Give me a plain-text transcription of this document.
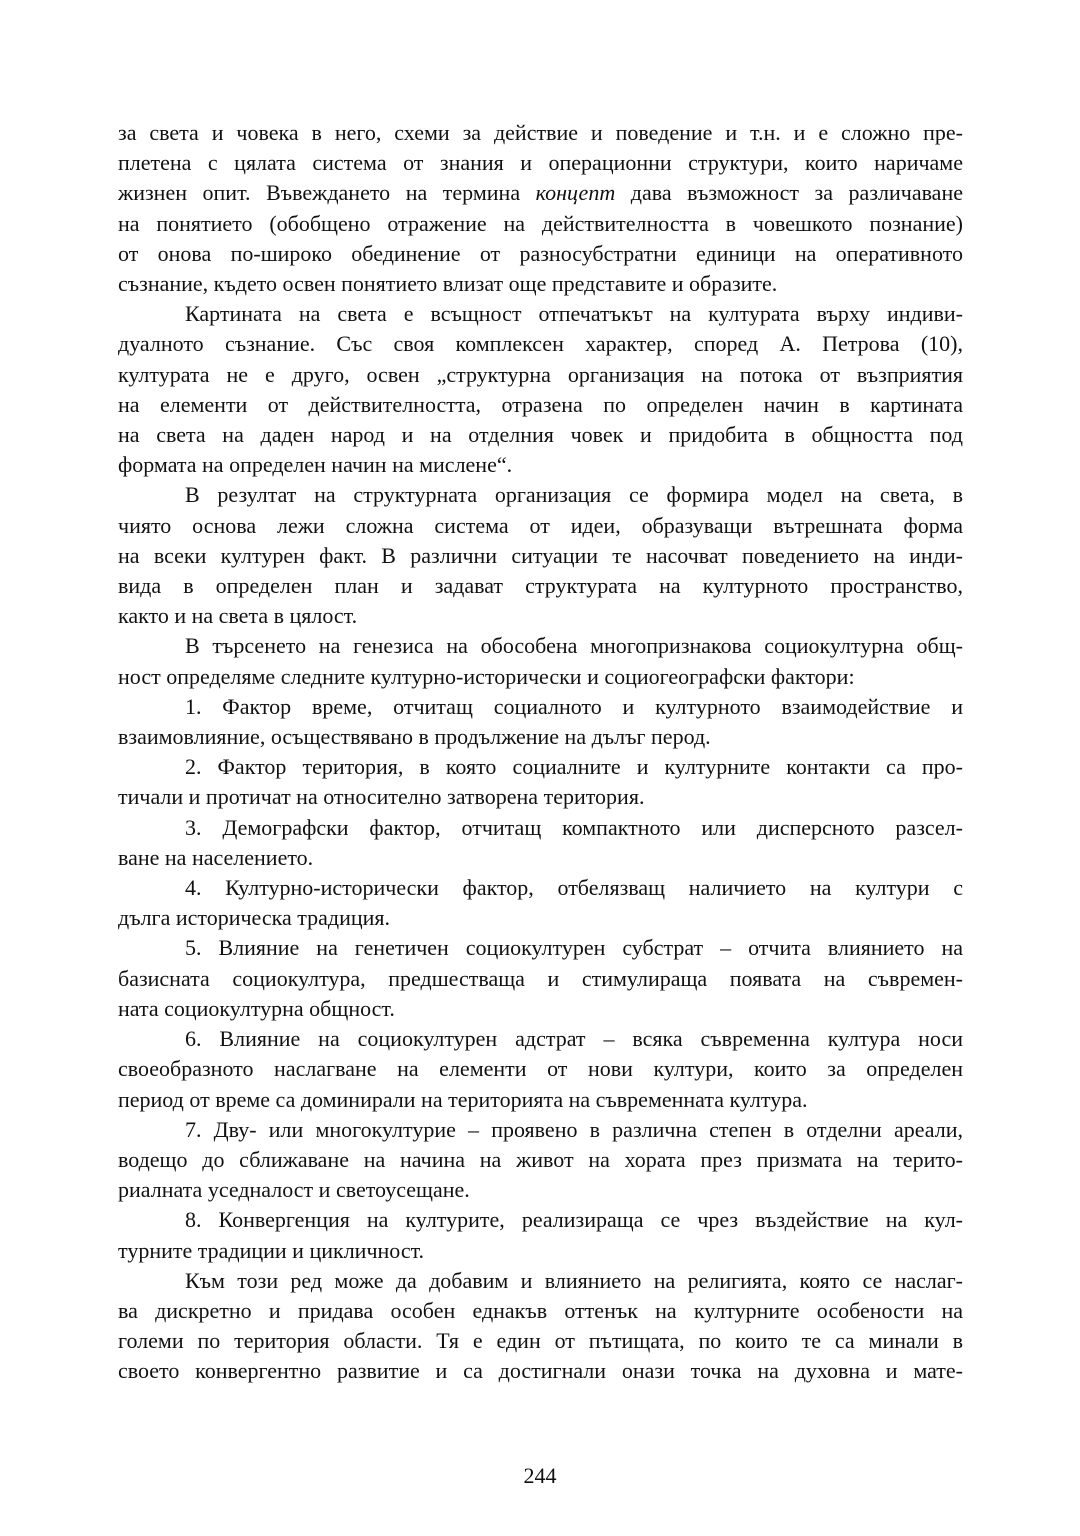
за света и човека в него, схеми за действие и поведение и т.н. и е сложно пре-
плетена с цялата система от знания и операционни структури, които наричаме
жизнен опит. Въвеждането на термина концепт дава възможност за различаване
на понятието (обобщено отражение на действителността в човешкото познание)
от онова по-широко обединение от разносубстратни единици на оперативното
съзнание, където освен понятието влизат още представите и образите.
Картината на света е всъщност отпечатъкът на културата върху индиви-
дуалното съзнание. Със своя комплексен характер, според А. Петрова (10),
културата не е друго, освен „структурна организация на потока от възприятия
на елементи от действителността, отразена по определен начин в картината
на света на даден народ и на отделния човек и придобита в общността под
формата на определен начин на мислене“.
В резултат на структурната организация се формира модел на света, в
чиято основа лежи сложна система от идеи, образуващи вътрешната форма
на всеки културен факт. В различни ситуации те насочват поведението на инди-
вида в определен план и задават структурата на културното пространство,
както и на света в цялост.
В търсенето на генезиса на обособена многопризнакова социокултурна общ-
ност определяме следните културно-исторически и социогеографски фактори:
1. Фактор време, отчитащ социалното и културното взаимодействие и
взаимовлияние, осъществявано в продължение на дълъг перод.
2. Фактор територия, в която социалните и културните контакти са про-
тичали и протичат на относително затворена територия.
3. Демографски фактор, отчитащ компактното или дисперсното разсел-
ване на населението.
4. Културно-исторически фактор, отбелязващ наличието на култури с
дълга историческа традиция.
5. Влияние на генетичен социокултурен субстрат – отчита влиянието на
базисната социокултура, предшестваща и стимулираща появата на съвремен-
ната социокултурна общност.
6. Влияние на социокултурен адстрат – всяка съвременна култура носи
своеобразното наслагване на елементи от нови култури, които за определен
период от време са доминирали на територията на съвременната култура.
7. Дву- или многокултурие – проявено в различна степен в отделни ареали,
водещо до сближаване на начина на живот на хората през призмата на терито-
риалната уседналост и светоусещане.
8. Конвергенция на културите, реализираща се чрез въздействие на кул-
турните традиции и цикличност.
Към този ред може да добавим и влиянието на религията, която се наслаг-
ва дискретно и придава особен еднакъв оттенък на културните особености на
големи по територия области. Тя е един от пътищата, по които те са минали в
своето конвергентно развитие и са достигнали онази точка на духовна и мате-
244
